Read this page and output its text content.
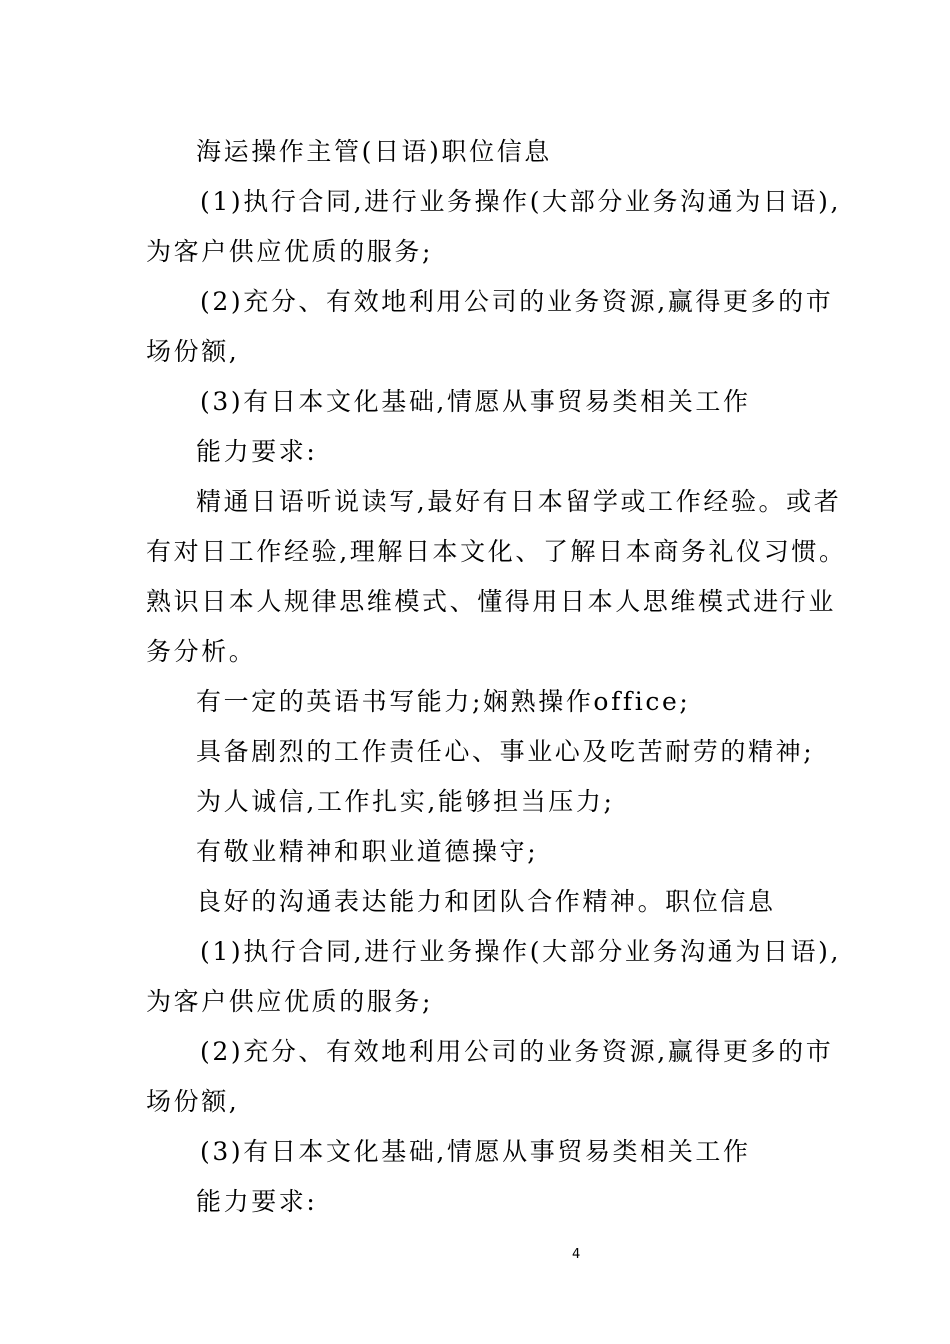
海运操作主管(日语)职位信息
(1)执行合同,进行业务操作(大部分业务沟通为日语),
为客户供应优质的服务;
(2)充分、有效地利用公司的业务资源,赢得更多的市
场份额,
(3)有日本文化基础,情愿从事贸易类相关工作
能力要求:
精通日语听说读写,最好有日本留学或工作经验。或者
有对日工作经验,理解日本文化、了解日本商务礼仪习惯。
熟识日本人规律思维模式、懂得用日本人思维模式进行业
务分析。
有一定的英语书写能力;娴熟操作office;
具备剧烈的工作责任心、事业心及吃苦耐劳的精神;
为人诚信,工作扎实,能够担当压力;
有敬业精神和职业道德操守;
良好的沟通表达能力和团队合作精神。职位信息
(1)执行合同,进行业务操作(大部分业务沟通为日语),
为客户供应优质的服务;
(2)充分、有效地利用公司的业务资源,赢得更多的市
场份额,
(3)有日本文化基础,情愿从事贸易类相关工作
能力要求:
4
